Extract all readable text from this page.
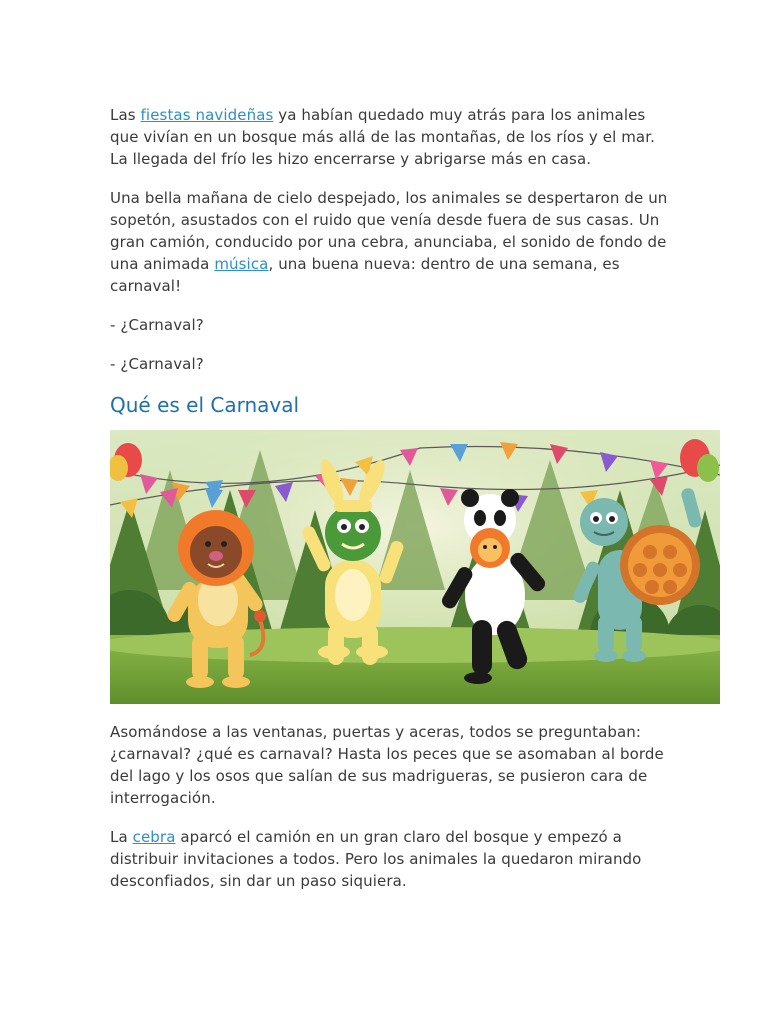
Las fiestas navideñas ya habían quedado muy atrás para los animales que vivían en un bosque más allá de las montañas, de los ríos y el mar. La llegada del frío les hizo encerrarse y abrigarse más en casa.

Una bella mañana de cielo despejado, los animales se despertaron de un sopetón, asustados con el ruido que venía desde fuera de sus casas. Un gran camión, conducido por una cebra, anunciaba, el sonido de fondo de una animada música, una buena nueva: dentro de una semana, es carnaval!

- ¿Carnaval?

- ¿Carnaval?

Qué es el Carnaval

Asomándose a las ventanas, puertas y aceras, todos se preguntaban: ¿carnaval? ¿qué es carnaval? Hasta los peces que se asomaban al borde del lago y los osos que salían de sus madrigueras, se pusieron cara de interrogación.

La cebra aparcó el camión en un gran claro del bosque y empezó a distribuir invitaciones a todos. Pero los animales la quedaron mirando desconfiados, sin dar un paso siquiera.
